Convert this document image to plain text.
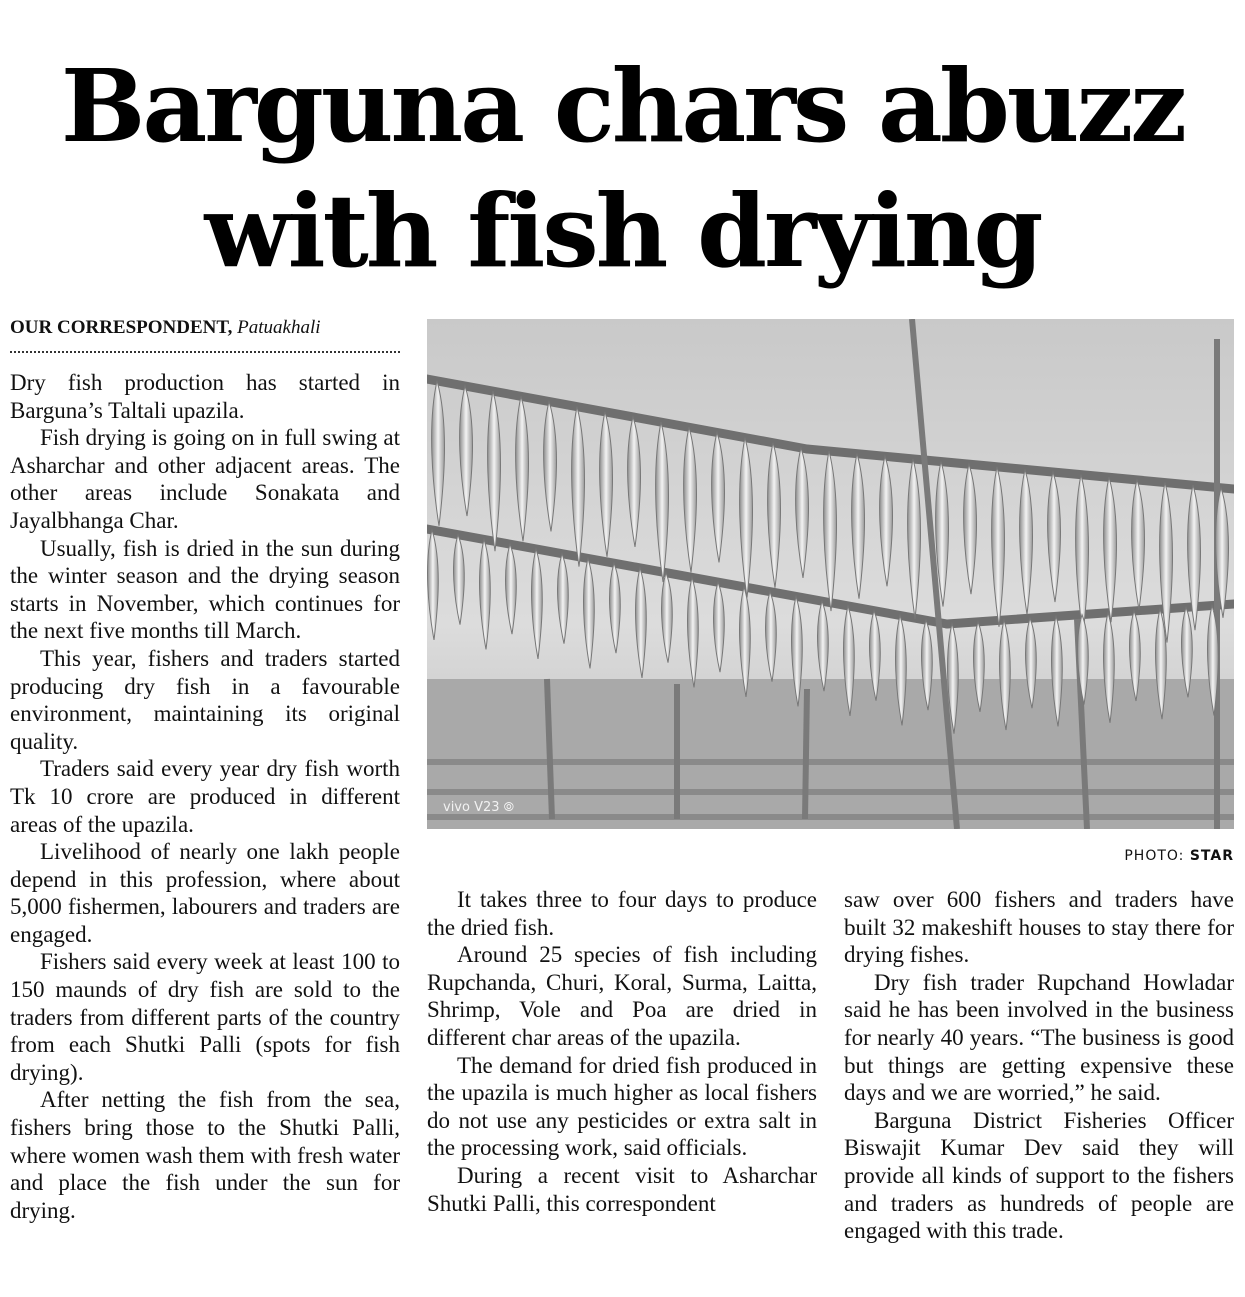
Barguna chars abuzz
with fish drying
OUR CORRESPONDENT, Patuakhali

Dry fish production has started in Barguna’s Taltali upazila.

Fish drying is going on in full swing at Asharchar and other adjacent areas. The other areas include Sonakata and Jayalbhanga Char.

Usually, fish is dried in the sun during the winter season and the drying season starts in November, which continues for the next five months till March.

This year, fishers and traders started producing dry fish in a favourable environment, maintaining its original quality.

Traders said every year dry fish worth Tk 10 crore are produced in different areas of the upazila.

Livelihood of nearly one lakh people depend in this profession, where about 5,000 fishermen, labourers and traders are engaged.

Fishers said every week at least 100 to 150 maunds of dry fish are sold to the traders from different parts of the country from each Shutki Palli (spots for fish drying).

After netting the fish from the sea, fishers bring those to the Shutki Palli, where women wash them with fresh water and place the fish under the sun for drying.

vivo V23 ⦾
PHOTO: STAR

It takes three to four days to produce the dried fish.

Around 25 species of fish including Rupchanda, Churi, Koral, Surma, Laitta, Shrimp, Vole and Poa are dried in different char areas of the upazila.

The demand for dried fish produced in the upazila is much higher as local fishers do not use any pesticides or extra salt in the processing work, said officials.

During a recent visit to Asharchar Shutki Palli, this correspondent

saw over 600 fishers and traders have built 32 makeshift houses to stay there for drying fishes.

Dry fish trader Rupchand Howladar said he has been involved in the business for nearly 40 years. “The business is good but things are getting expensive these days and we are worried,” he said.

Barguna District Fisheries Officer Biswajit Kumar Dev said they will provide all kinds of support to the fishers and traders as hundreds of people are engaged with this trade.
